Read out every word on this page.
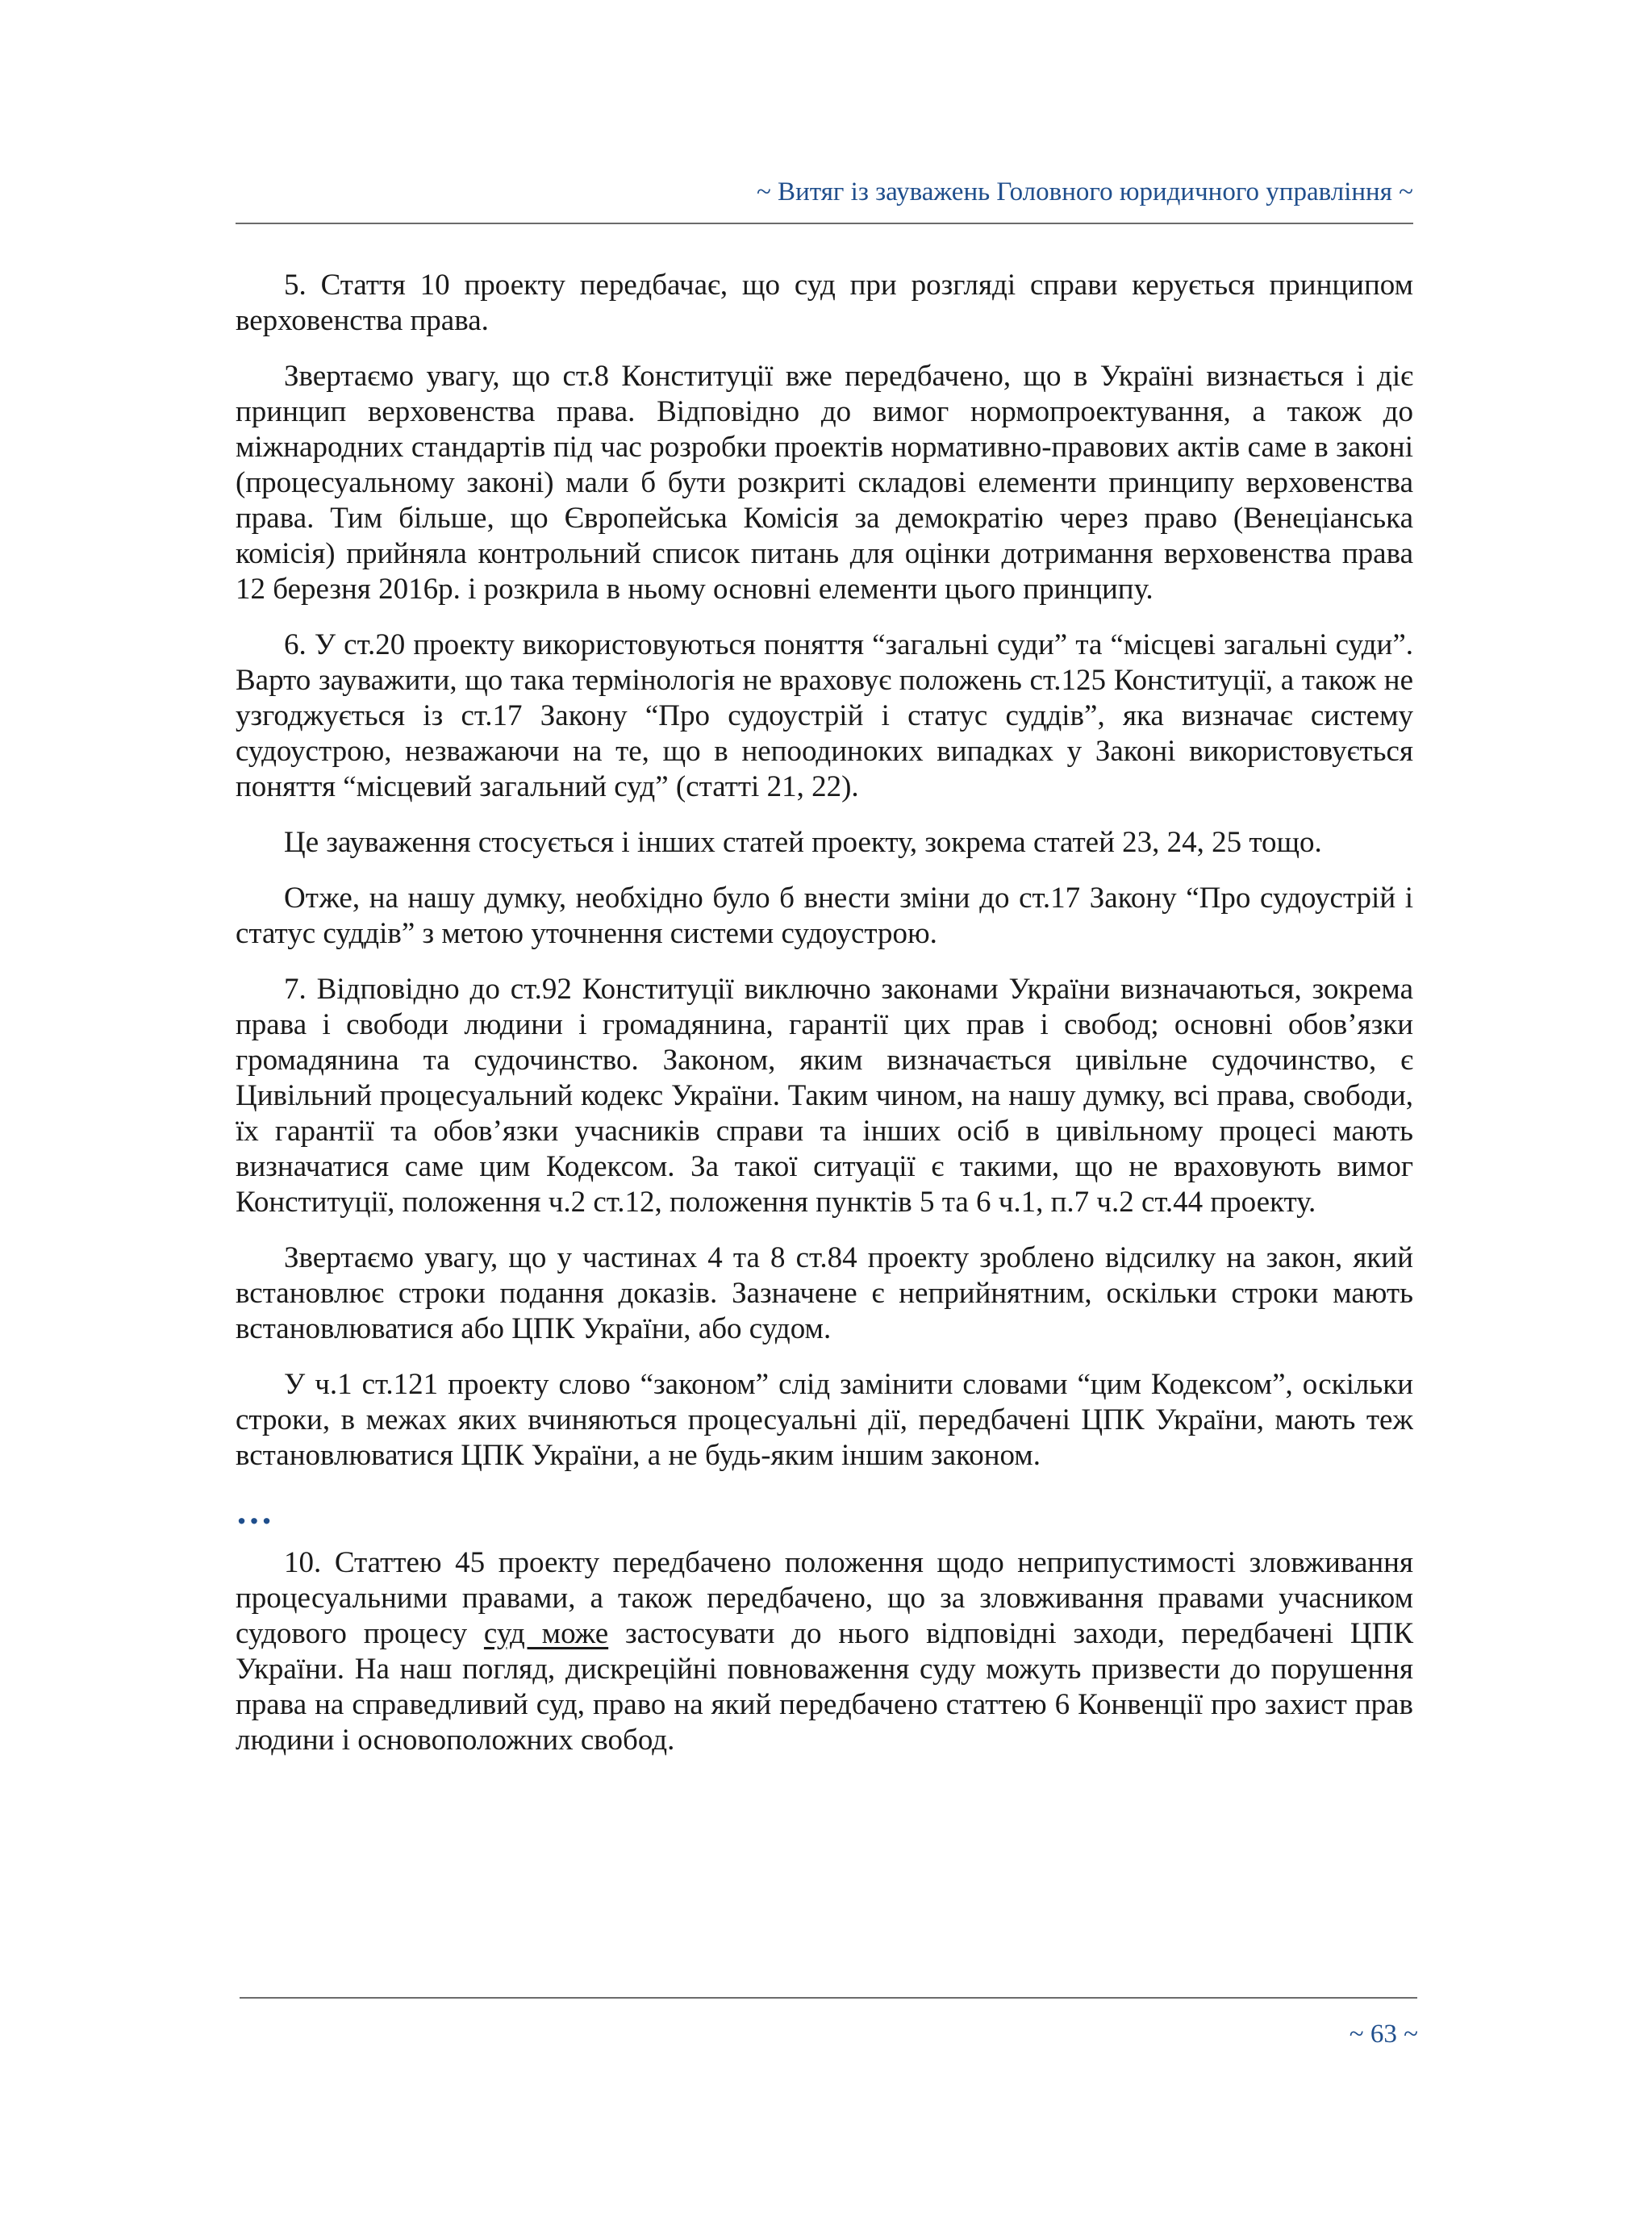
~ Витяг із зауважень Головного юридичного управління ~

5. Стаття 10 проекту передбачає, що суд при розгляді справи керується принципом верховенства права.

Звертаємо увагу, що ст.8 Конституції вже передбачено, що в Україні визнається і діє принцип верховенства права. Відповідно до вимог нормопроектування, а також до міжнародних стандартів під час розробки проектів нормативно-правових актів саме в законі (процесуальному законі) мали б бути розкриті складові елементи принципу верховенства права. Тим більше, що Європейська Комісія за демократію через право (Венеціанська комісія) прийняла контрольний список питань для оцінки дотримання верховенства права 12 березня 2016р. і розкрила в ньому основні елементи цього принципу.

6. У ст.20 проекту використовуються поняття “загальні суди” та “місцеві загальні суди”. Варто зауважити, що така термінологія не враховує положень ст.125 Конституції, а також не узгоджується із ст.17 Закону “Про судоустрій і статус суддів”, яка визначає систему судоустрою, незважаючи на те, що в непоодиноких випадках у Законі використовується поняття “місцевий загальний суд” (статті 21, 22).

Це зауваження стосується і інших статей проекту, зокрема статей 23, 24, 25 тощо.

Отже, на нашу думку, необхідно було б внести зміни до ст.17 Закону “Про судоустрій і статус суддів” з метою уточнення системи судоустрою.

7. Відповідно до ст.92 Конституції виключно законами України визначаються, зокрема права і свободи людини і громадянина, гарантії цих прав і свобод; основні обов’язки громадянина та судочинство. Законом, яким визначається цивільне судочинство, є Цивільний процесуальний кодекс України. Таким чином, на нашу думку, всі права, свободи, їх гарантії та обов’язки учасників справи та інших осіб в цивільному процесі мають визначатися саме цим Кодексом. За такої ситуації є такими, що не враховують вимог Конституції, положення ч.2 ст.12, положення пунктів 5 та 6 ч.1, п.7 ч.2 ст.44 проекту.

Звертаємо увагу, що у частинах 4 та 8 ст.84 проекту зроблено відсилку на закон, який встановлює строки подання доказів. Зазначене є неприйнятним, оскільки строки мають встановлюватися або ЦПК України, або судом.

У ч.1 ст.121 проекту слово “законом” слід замінити словами “цим Кодексом”, оскільки строки, в межах яких вчиняються процесуальні дії, передбачені ЦПК України, мають теж встановлюватися ЦПК України, а не будь-яким іншим законом.

…

10. Статтею 45 проекту передбачено положення щодо неприпустимості зловживання процесуальними правами, а також передбачено, що за зловживання правами учасником судового процесу суд може застосувати до нього відповідні заходи, передбачені ЦПК України. На наш погляд, дискреційні повноваження суду можуть призвести до порушення права на справедливий суд, право на який передбачено статтею 6 Конвенції про захист прав людини і основоположних свобод.

~ 63 ~
